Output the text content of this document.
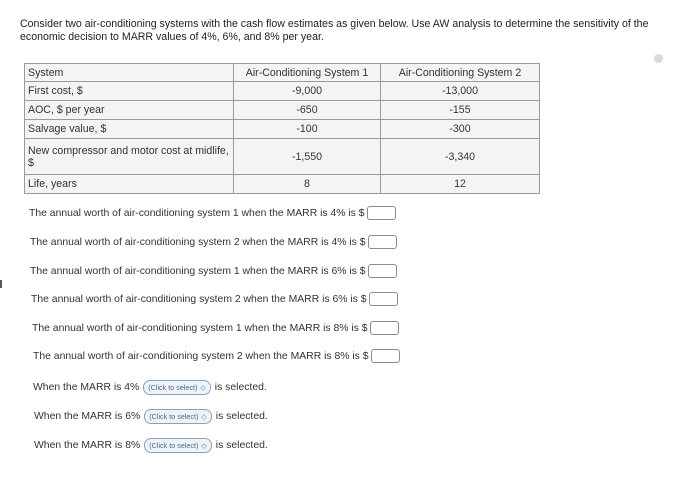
Consider two air-conditioning systems with the cash flow estimates as given below. Use AW analysis to determine the sensitivity of the economic decision to MARR values of 4%, 6%, and 8% per year.
System	Air-Conditioning System 1	Air-Conditioning System 2
First cost, $	-9,000	-13,000
AOC, $ per year	-650	-155
Salvage value, $	-100	-300
New compressor and motor cost at midlife, $	-1,550	-3,340
Life, years	8	12
The annual worth of air-conditioning system 1 when the MARR is 4% is $
The annual worth of air-conditioning system 2 when the MARR is 4% is $
The annual worth of air-conditioning system 1 when the MARR is 6% is $
The annual worth of air-conditioning system 2 when the MARR is 6% is $
The annual worth of air-conditioning system 1 when the MARR is 8% is $
The annual worth of air-conditioning system 2 when the MARR is 8% is $
When the MARR is 4% (Click to select) ◇ is selected.
When the MARR is 6% (Click to select) ◇ is selected.
When the MARR is 8% (Click to select) ◇ is selected.
